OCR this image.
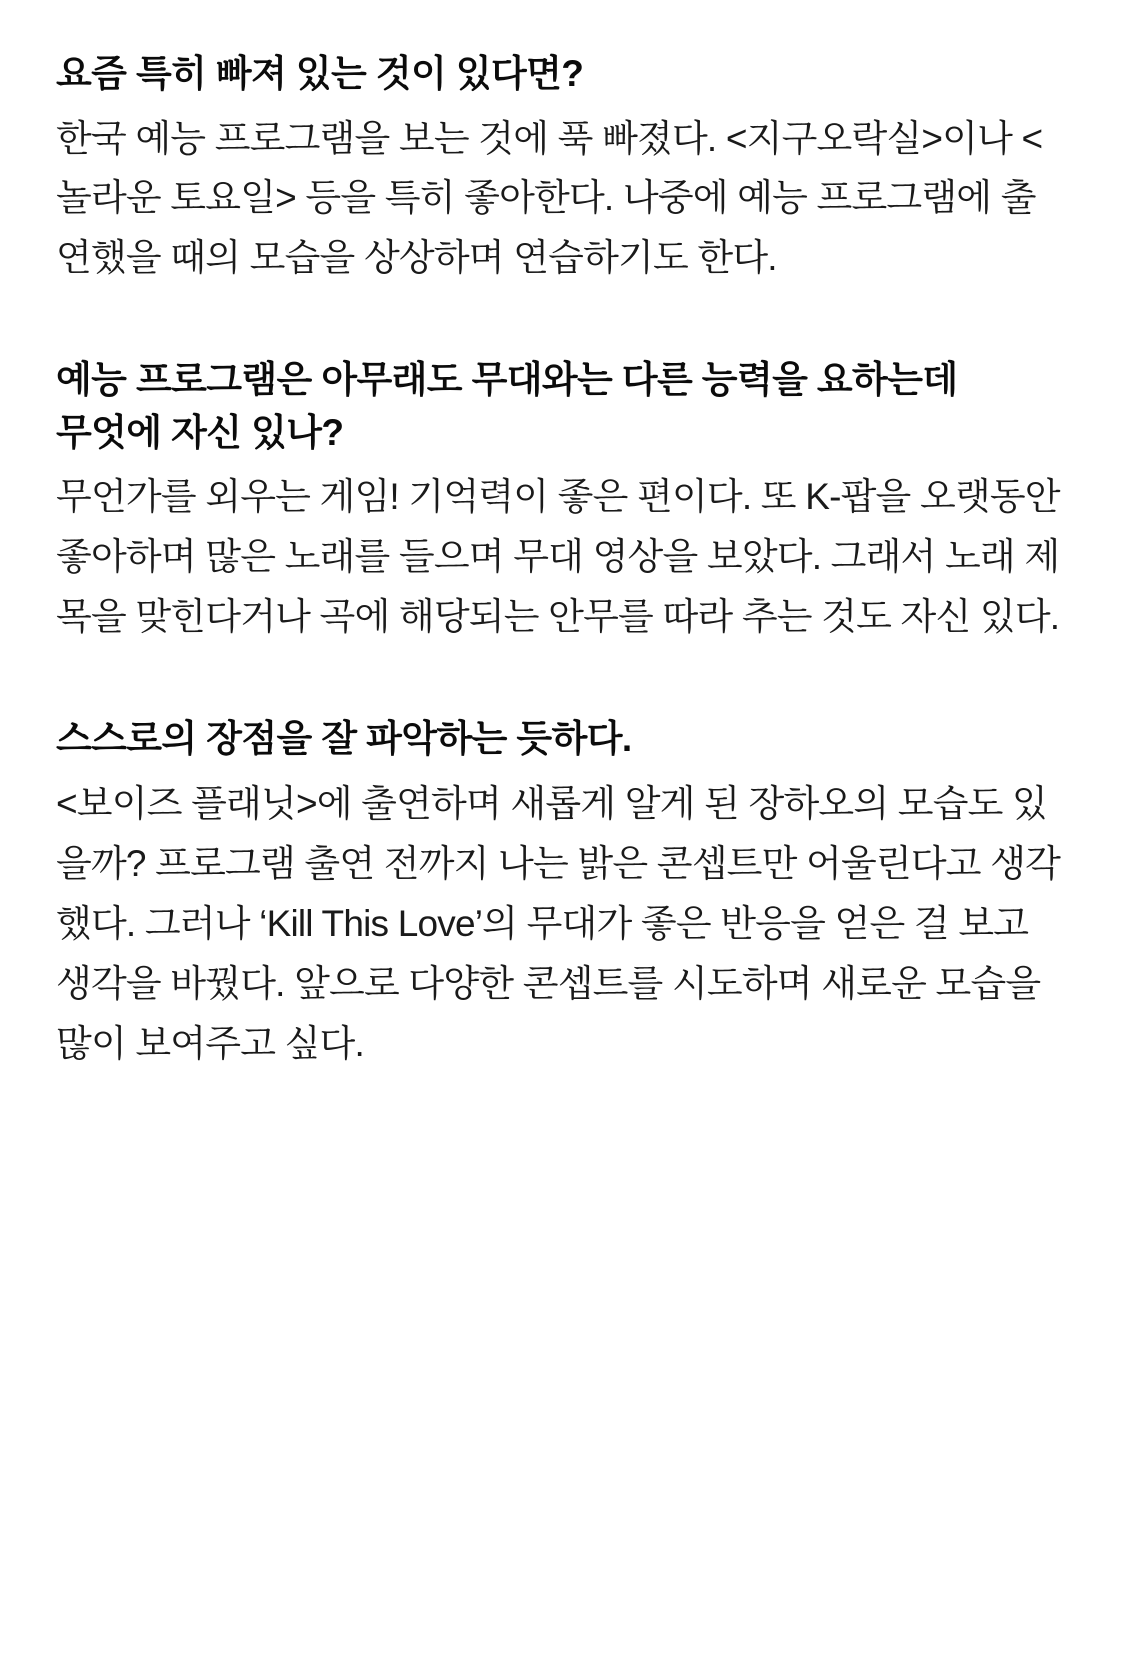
요즘 특히 빠져 있는 것이 있다면?

한국 예능 프로그램을 보는 것에 푹 빠졌다. <지구오락실>이나 <놀라운 토요일> 등을 특히 좋아한다. 나중에 예능 프로그램에 출연했을 때의 모습을 상상하며 연습하기도 한다.

예능 프로그램은 아무래도 무대와는 다른 능력을 요하는데 무엇에 자신 있나?

무언가를 외우는 게임! 기억력이 좋은 편이다. 또 K-팝을 오랫동안 좋아하며 많은 노래를 들으며 무대 영상을 보았다. 그래서 노래 제목을 맞힌다거나 곡에 해당되는 안무를 따라 추는 것도 자신 있다.

스스로의 장점을 잘 파악하는 듯하다.

<보이즈 플래닛>에 출연하며 새롭게 알게 된 장하오의 모습도 있을까? 프로그램 출연 전까지 나는 밝은 콘셉트만 어울린다고 생각했다. 그러나 ‘Kill This Love’의 무대가 좋은 반응을 얻은 걸 보고 생각을 바꿨다. 앞으로 다양한 콘셉트를 시도하며 새로운 모습을 많이 보여주고 싶다.
